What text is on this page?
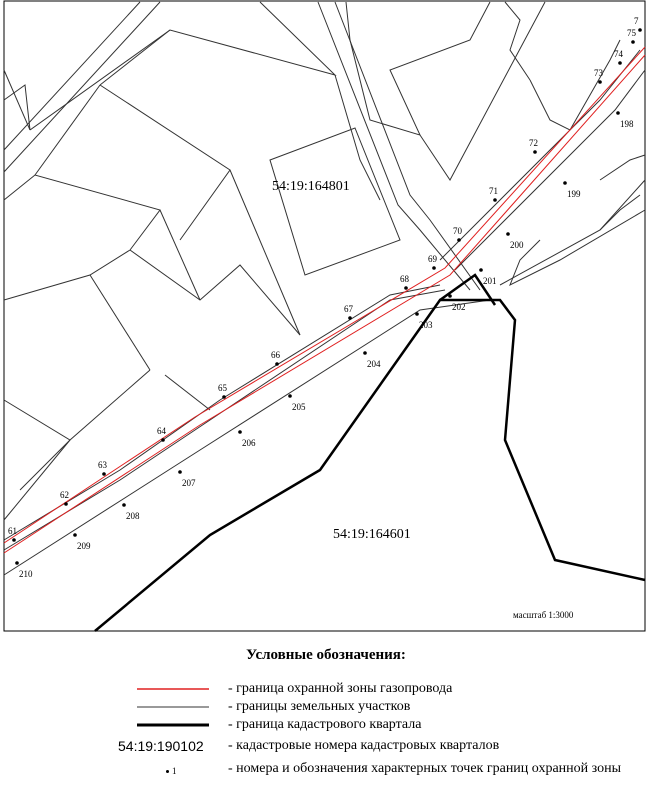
61
62
63
64
65
66
67
68
69
70
71
72
73
74
75
7
210
209
208
207
206
205
204
203
202
201
200
199
198
54:19:164801
54:19:164601
масштаб 1:3000
Условные обозначения:
- граница охранной зоны газопровода
- границы земельных участков
- граница кадастрового квартала
54:19:190102 - кадастровые номера кадастровых кварталов
1	- номера и обозначения характерных точек границ охранной зоны
